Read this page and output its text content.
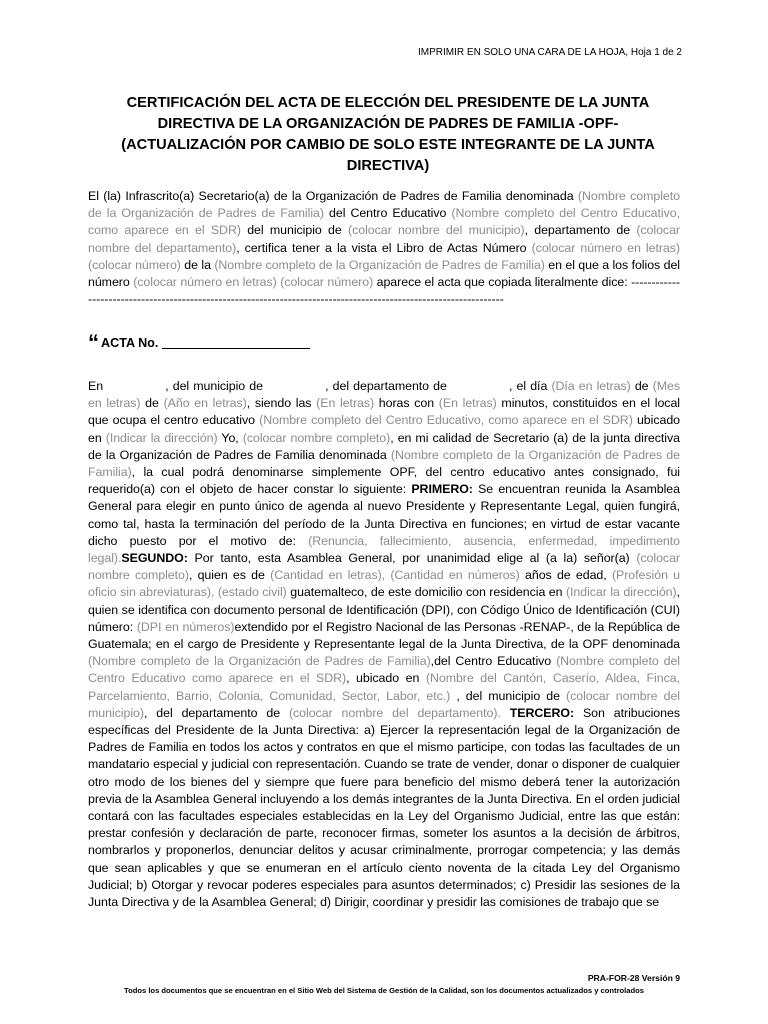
IMPRIMIR EN SOLO UNA CARA DE LA HOJA, Hoja 1 de 2
CERTIFICACIÓN DEL ACTA DE ELECCIÓN DEL PRESIDENTE DE LA JUNTA
DIRECTIVA DE LA ORGANIZACIÓN DE PADRES DE FAMILIA -OPF-
(ACTUALIZACIÓN POR CAMBIO DE SOLO ESTE INTEGRANTE DE LA JUNTA
DIRECTIVA)
El (la) Infrascrito(a) Secretario(a) de la Organización de Padres de Familia denominada (Nombre completo de la Organización de Padres de Familia) del Centro Educativo (Nombre completo del Centro Educativo, como aparece en el SDR) del municipio de (colocar nombre del municipio), departamento de (colocar nombre del departamento), certifica tener a la vista el Libro de Actas Número (colocar número en letras) (colocar número) de la (Nombre completo de la Organización de Padres de Familia) en el que a los folios del número (colocar número en letras) (colocar número) aparece el acta que copiada literalmente dice: ------------------------------------------------------------------------------------------------------------------
“ ACTA No.
En	, del municipio de	, del departamento de	, el día (Día en letras) de (Mes en letras) de (Año en letras), siendo las (En letras) horas con (En letras) minutos, constituidos en el local que ocupa el centro educativo (Nombre completo del Centro Educativo, como aparece en el SDR) ubicado en (Indicar la dirección) Yo, (colocar nombre completo), en mi calidad de Secretario (a) de la junta directiva de la Organización de Padres de Familia denominada (Nombre completo de la Organización de Padres de Familia), la cual podrá denominarse simplemente OPF, del centro educativo antes consignado, fui requerido(a) con el objeto de hacer constar lo siguiente: PRIMERO: Se encuentran reunida la Asamblea General para elegir en punto único de agenda al nuevo Presidente y Representante Legal, quien fungirá, como tal, hasta la terminación del período de la Junta Directiva en funciones; en virtud de estar vacante dicho puesto por el motivo de: (Renuncia, fallecimiento, ausencia, enfermedad, impedimento legal).SEGUNDO: Por tanto, esta Asamblea General, por unanimidad elige al (a la) señor(a) (colocar nombre completo), quien es de (Cantidad en letras), (Cantidad en números) años de edad, (Profesión u oficio sin abreviaturas), (estado civil) guatemalteco, de este domicilio con residencia en (Indicar la dirección), quien se identifica con documento personal de Identificación (DPI), con Código Único de Identificación (CUI) número: (DPI en números)extendido por el Registro Nacional de las Personas -RENAP-, de la República de Guatemala; en el cargo de Presidente y Representante legal de la Junta Directiva, de la OPF denominada (Nombre completo de la Organización de Padres de Familia),del Centro Educativo (Nombre completo del Centro Educativo como aparece en el SDR), ubicado en (Nombre del Cantón, Caserío, Aldea, Finca, Parcelamiento, Barrio, Colonia, Comunidad, Sector, Labor, etc.) , del municipio de (colocar nombre del municipio), del departamento de (colocar nombre del departamento). TERCERO: Son atribuciones específicas del Presidente de la Junta Directiva: a) Ejercer la representación legal de la Organización de Padres de Familia en todos los actos y contratos en que el mismo participe, con todas las facultades de un mandatario especial y judicial con representación. Cuando se trate de vender, donar o disponer de cualquier otro modo de los bienes del y siempre que fuere para beneficio del mismo deberá tener la autorización previa de la Asamblea General incluyendo a los demás integrantes de la Junta Directiva. En el orden judicial contará con las facultades especiales establecidas en la Ley del Organismo Judicial, entre las que están: prestar confesión y declaración de parte, reconocer firmas, someter los asuntos a la decisión de árbitros, nombrarlos y proponerlos, denunciar delitos y acusar criminalmente, prorrogar competencia; y las demás que sean aplicables y que se enumeran en el artículo ciento noventa de la citada Ley del Organismo Judicial; b) Otorgar y revocar poderes especiales para asuntos determinados; c) Presidir las sesiones de la Junta Directiva y de la Asamblea General; d) Dirigir, coordinar y presidir las comisiones de trabajo que se
PRA-FOR-28 Versión 9
Todos los documentos que se encuentran en el Sitio Web del Sistema de Gestión de la Calidad, son los documentos actualizados y controlados
